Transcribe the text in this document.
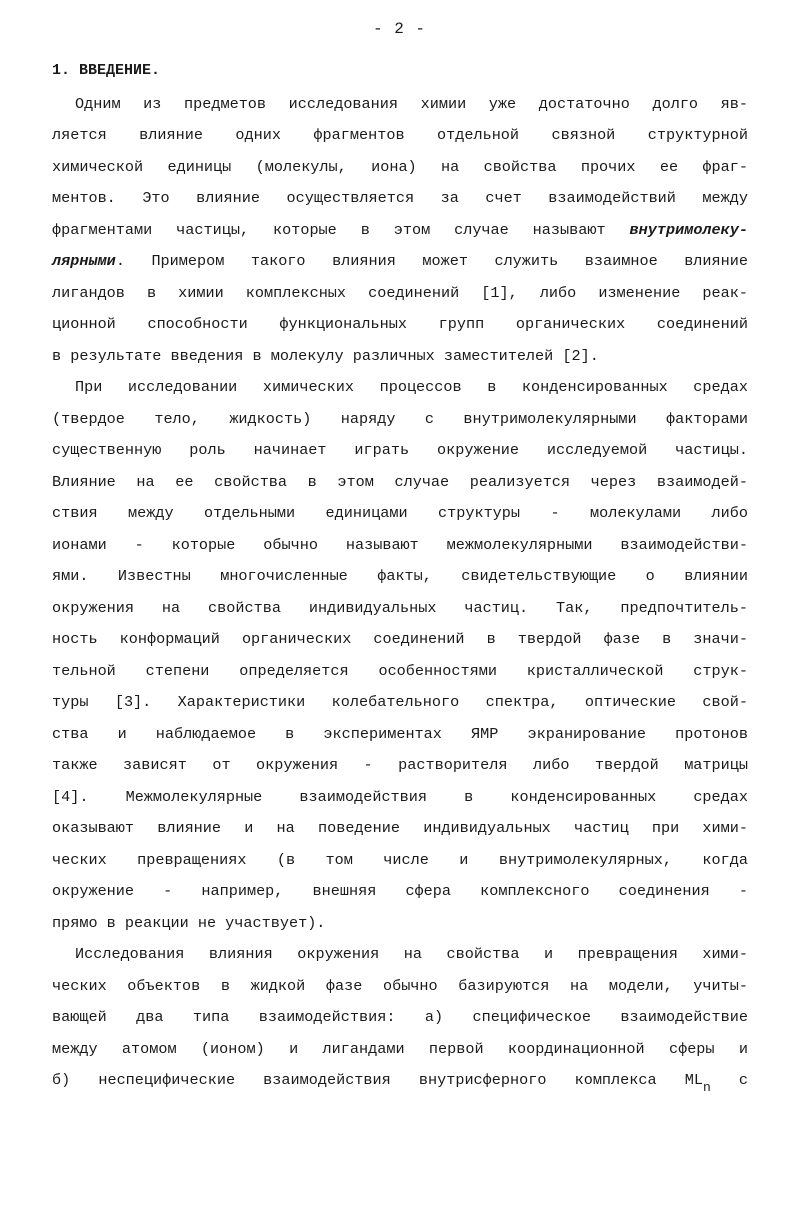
- 2 -
1. ВВЕДЕНИЕ.
Одним из предметов исследования химии уже достаточно долго яв-
ляется влияние одних фрагментов отдельной связной структурной
химической единицы (молекулы, иона) на свойства прочих ее фраг-
ментов. Это влияние осуществляется за счет взаимодействий между
фрагментами частицы, которые в этом случае называют внутримолеку-
лярными. Примером такого влияния может служить взаимное влияние
лигандов в химии комплексных соединений [1], либо изменение реак-
ционной способности функциональных групп органических соединений
в результате введения в молекулу различных заместителей [2].
При исследовании химических процессов в конденсированных средах
(твердое тело, жидкость) наряду с внутримолекулярными факторами
существенную роль начинает играть окружение исследуемой частицы.
Влияние на ее свойства в этом случае реализуется через взаимодей-
ствия между отдельными единицами структуры - молекулами либо
ионами - которые обычно называют межмолекулярными взаимодействи-
ями. Известны многочисленные факты, свидетельствующие о влиянии
окружения на свойства индивидуальных частиц. Так, предпочтитель-
ность конформаций органических соединений в твердой фазе в значи-
тельной степени определяется особенностями кристаллической струк-
туры [3]. Характеристики колебательного спектра, оптические свой-
ства и наблюдаемое в экспериментах ЯМР экранирование протонов
также зависят от окружения - растворителя либо твердой матрицы
[4]. Межмолекулярные взаимодействия в конденсированных средах
оказывают влияние и на поведение индивидуальных частиц при хими-
ческих превращениях (в том числе и внутримолекулярных, когда
окружение - например, внешняя сфера комплексного соединения -
прямо в реакции не участвует).
Исследования влияния окружения на свойства и превращения хими-
ческих объектов в жидкой фазе обычно базируются на модели, учиты-
вающей два типа взаимодействия: а) специфическое взаимодействие
между атомом (ионом) и лигандами первой координационной сферы и
б) неспецифические взаимодействия внутрисферного комплекса MLn с
